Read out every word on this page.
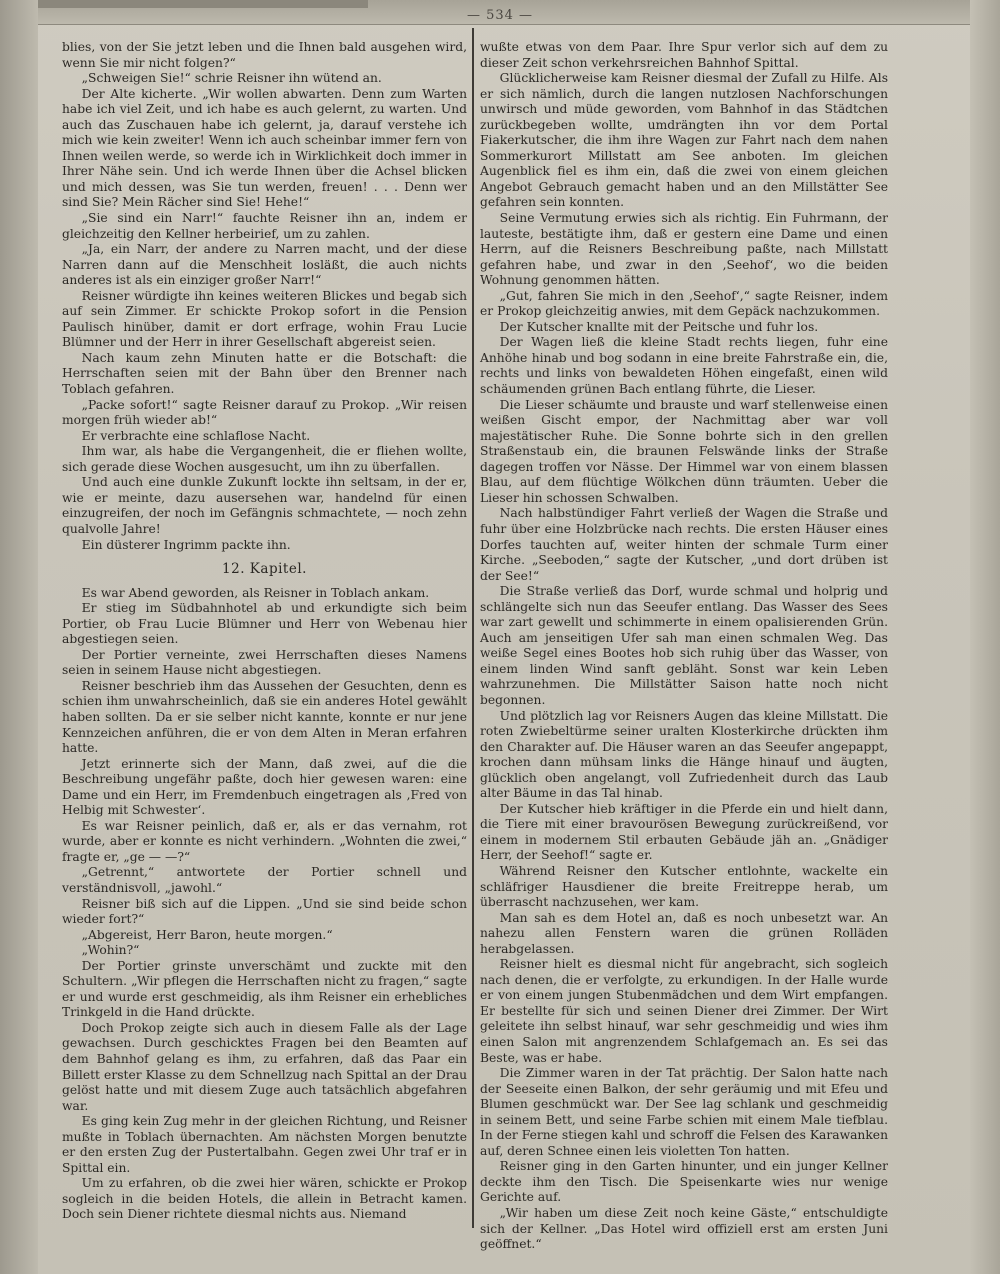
— 534 —

blies, von der Sie jetzt leben und die Ihnen bald ausgehen wird, wenn Sie mir nicht folgen?“

„Schweigen Sie!“ schrie Reisner ihn wütend an.

Der Alte kicherte. „Wir wollen abwarten. Denn zum Warten habe ich viel Zeit, und ich habe es auch gelernt, zu warten. Und auch das Zuschauen habe ich gelernt, ja, darauf verstehe ich mich wie kein zweiter! Wenn ich auch scheinbar immer fern von Ihnen weilen werde, so werde ich in Wirklichkeit doch immer in Ihrer Nähe sein. Und ich werde Ihnen über die Achsel blicken und mich dessen, was Sie tun werden, freuen! . . . Denn wer sind Sie? Mein Rächer sind Sie! Hehe!“

„Sie sind ein Narr!“ fauchte Reisner ihn an, indem er gleichzeitig den Kellner herbeirief, um zu zahlen.

„Ja, ein Narr, der andere zu Narren macht, und der diese Narren dann auf die Menschheit losläßt, die auch nichts anderes ist als ein einziger großer Narr!“

Reisner würdigte ihn keines weiteren Blickes und begab sich auf sein Zimmer. Er schickte Prokop sofort in die Pension Paulisch hinüber, damit er dort erfrage, wohin Frau Lucie Blümner und der Herr in ihrer Gesellschaft abgereist seien.

Nach kaum zehn Minuten hatte er die Botschaft: die Herrschaften seien mit der Bahn über den Brenner nach Toblach gefahren.

„Packe sofort!“ sagte Reisner darauf zu Prokop. „Wir reisen morgen früh wieder ab!“

Er verbrachte eine schlaflose Nacht.

Ihm war, als habe die Vergangenheit, die er fliehen wollte, sich gerade diese Wochen ausgesucht, um ihn zu überfallen.

Und auch eine dunkle Zukunft lockte ihn seltsam, in der er, wie er meinte, dazu ausersehen war, handelnd für einen einzugreifen, der noch im Gefängnis schmachtete, — noch zehn qualvolle Jahre!

Ein düsterer Ingrimm packte ihn.

12. Kapitel.

Es war Abend geworden, als Reisner in Toblach ankam.

Er stieg im Südbahnhotel ab und erkundigte sich beim Portier, ob Frau Lucie Blümner und Herr von Webenau hier abgestiegen seien.

Der Portier verneinte, zwei Herrschaften dieses Namens seien in seinem Hause nicht abgestiegen.

Reisner beschrieb ihm das Aussehen der Gesuchten, denn es schien ihm unwahrscheinlich, daß sie ein anderes Hotel gewählt haben sollten. Da er sie selber nicht kannte, konnte er nur jene Kennzeichen anführen, die er von dem Alten in Meran erfahren hatte.

Jetzt erinnerte sich der Mann, daß zwei, auf die die Beschreibung ungefähr paßte, doch hier gewesen waren: eine Dame und ein Herr, im Fremdenbuch eingetragen als ‚Fred von Helbig mit Schwester‘.

Es war Reisner peinlich, daß er, als er das vernahm, rot wurde, aber er konnte es nicht verhindern. „Wohnten die zwei,“ fragte er, „ge — —?“

„Getrennt,“ antwortete der Portier schnell und verständnisvoll, „jawohl.“

Reisner biß sich auf die Lippen. „Und sie sind beide schon wieder fort?“

„Abgereist, Herr Baron, heute morgen.“

„Wohin?“

Der Portier grinste unverschämt und zuckte mit den Schultern. „Wir pflegen die Herrschaften nicht zu fragen,“ sagte er und wurde erst geschmeidig, als ihm Reisner ein erhebliches Trinkgeld in die Hand drückte.

Doch Prokop zeigte sich auch in diesem Falle als der Lage gewachsen. Durch geschicktes Fragen bei den Beamten auf dem Bahnhof gelang es ihm, zu erfahren, daß das Paar ein Billett erster Klasse zu dem Schnellzug nach Spittal an der Drau gelöst hatte und mit diesem Zuge auch tatsächlich abgefahren war.

Es ging kein Zug mehr in der gleichen Richtung, und Reisner mußte in Toblach übernachten. Am nächsten Morgen benutzte er den ersten Zug der Pustertalbahn. Gegen zwei Uhr traf er in Spittal ein.

Um zu erfahren, ob die zwei hier wären, schickte er Prokop sogleich in die beiden Hotels, die allein in Betracht kamen. Doch sein Diener richtete diesmal nichts aus. Niemand

wußte etwas von dem Paar. Ihre Spur verlor sich auf dem zu dieser Zeit schon verkehrsreichen Bahnhof Spittal.

Glücklicherweise kam Reisner diesmal der Zufall zu Hilfe. Als er sich nämlich, durch die langen nutzlosen Nachforschungen unwirsch und müde geworden, vom Bahnhof in das Städtchen zurückbegeben wollte, umdrängten ihn vor dem Portal Fiakerkutscher, die ihm ihre Wagen zur Fahrt nach dem nahen Sommerkurort Millstatt am See anboten. Im gleichen Augenblick fiel es ihm ein, daß die zwei von einem gleichen Angebot Gebrauch gemacht haben und an den Millstätter See gefahren sein konnten.

Seine Vermutung erwies sich als richtig. Ein Fuhrmann, der lauteste, bestätigte ihm, daß er gestern eine Dame und einen Herrn, auf die Reisners Beschreibung paßte, nach Millstatt gefahren habe, und zwar in den ‚Seehof‘, wo die beiden Wohnung genommen hätten.

„Gut, fahren Sie mich in den ‚Seehof‘,“ sagte Reisner, indem er Prokop gleichzeitig anwies, mit dem Gepäck nachzukommen.

Der Kutscher knallte mit der Peitsche und fuhr los.

Der Wagen ließ die kleine Stadt rechts liegen, fuhr eine Anhöhe hinab und bog sodann in eine breite Fahrstraße ein, die, rechts und links von bewaldeten Höhen eingefaßt, einen wild schäumenden grünen Bach entlang führte, die Lieser.

Die Lieser schäumte und brauste und warf stellenweise einen weißen Gischt empor, der Nachmittag aber war voll majestätischer Ruhe. Die Sonne bohrte sich in den grellen Straßenstaub ein, die braunen Felswände links der Straße dagegen troffen vor Nässe. Der Himmel war von einem blassen Blau, auf dem flüchtige Wölkchen dünn träumten. Ueber die Lieser hin schossen Schwalben.

Nach halbstündiger Fahrt verließ der Wagen die Straße und fuhr über eine Holzbrücke nach rechts. Die ersten Häuser eines Dorfes tauchten auf, weiter hinten der schmale Turm einer Kirche. „Seeboden,“ sagte der Kutscher, „und dort drüben ist der See!“

Die Straße verließ das Dorf, wurde schmal und holprig und schlängelte sich nun das Seeufer entlang. Das Wasser des Sees war zart gewellt und schimmerte in einem opalisierenden Grün. Auch am jenseitigen Ufer sah man einen schmalen Weg. Das weiße Segel eines Bootes hob sich ruhig über das Wasser, von einem linden Wind sanft gebläht. Sonst war kein Leben wahrzunehmen. Die Millstätter Saison hatte noch nicht begonnen.

Und plötzlich lag vor Reisners Augen das kleine Millstatt. Die roten Zwiebeltürme seiner uralten Klosterkirche drückten ihm den Charakter auf. Die Häuser waren an das Seeufer angepappt, krochen dann mühsam links die Hänge hinauf und äugten, glücklich oben angelangt, voll Zufriedenheit durch das Laub alter Bäume in das Tal hinab.

Der Kutscher hieb kräftiger in die Pferde ein und hielt dann, die Tiere mit einer bravourösen Bewegung zurückreißend, vor einem in modernem Stil erbauten Gebäude jäh an. „Gnädiger Herr, der Seehof!“ sagte er.

Während Reisner den Kutscher entlohnte, wackelte ein schläfriger Hausdiener die breite Freitreppe herab, um überrascht nachzusehen, wer kam.

Man sah es dem Hotel an, daß es noch unbesetzt war. An nahezu allen Fenstern waren die grünen Rolläden herabgelassen.

Reisner hielt es diesmal nicht für angebracht, sich sogleich nach denen, die er verfolgte, zu erkundigen. In der Halle wurde er von einem jungen Stubenmädchen und dem Wirt empfangen. Er bestellte für sich und seinen Diener drei Zimmer. Der Wirt geleitete ihn selbst hinauf, war sehr geschmeidig und wies ihm einen Salon mit angrenzendem Schlafgemach an. Es sei das Beste, was er habe.

Die Zimmer waren in der Tat prächtig. Der Salon hatte nach der Seeseite einen Balkon, der sehr geräumig und mit Efeu und Blumen geschmückt war. Der See lag schlank und geschmeidig in seinem Bett, und seine Farbe schien mit einem Male tiefblau. In der Ferne stiegen kahl und schroff die Felsen des Karawanken auf, deren Schnee einen leis violetten Ton hatten.

Reisner ging in den Garten hinunter, und ein junger Kellner deckte ihm den Tisch. Die Speisenkarte wies nur wenige Gerichte auf.

„Wir haben um diese Zeit noch keine Gäste,“ entschuldigte sich der Kellner. „Das Hotel wird offiziell erst am ersten Juni geöffnet.“
